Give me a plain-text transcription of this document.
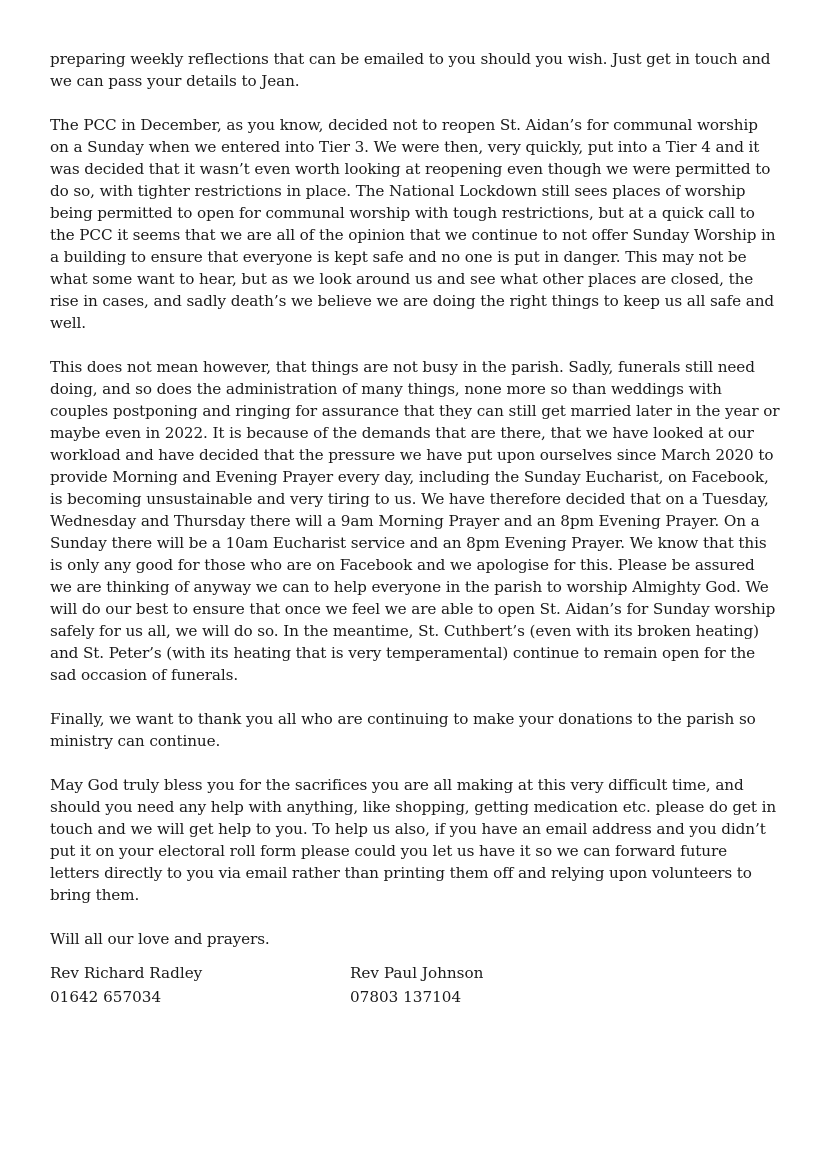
preparing weekly reflections that can be emailed to you should you wish. Just get in touch and we can pass your details to Jean.

The PCC in December, as you know, decided not to reopen St. Aidan’s for communal worship on a Sunday when we entered into Tier 3. We were then, very quickly, put into a Tier 4 and it was decided that it wasn’t even worth looking at reopening even though we were permitted to do so, with tighter restrictions in place. The National Lockdown still sees places of worship being permitted to open for communal worship with tough restrictions, but at a quick call to the PCC it seems that we are all of the opinion that we continue to not offer Sunday Worship in a building to ensure that everyone is kept safe and no one is put in danger. This may not be what some want to hear, but as we look around us and see what other places are closed, the rise in cases, and sadly death’s we believe we are doing the right things to keep us all safe and well.

This does not mean however, that things are not busy in the parish. Sadly, funerals still need doing, and so does the administration of many things, none more so than weddings with couples postponing and ringing for assurance that they can still get married later in the year or maybe even in 2022. It is because of the demands that are there, that we have looked at our workload and have decided that the pressure we have put upon ourselves since March 2020 to provide Morning and Evening Prayer every day, including the Sunday Eucharist, on Facebook, is becoming unsustainable and very tiring to us. We have therefore decided that on a Tuesday, Wednesday and Thursday there will a 9am Morning Prayer and an 8pm Evening Prayer. On a Sunday there will be a 10am Eucharist service and an 8pm Evening Prayer. We know that this is only any good for those who are on Facebook and we apologise for this. Please be assured we are thinking of anyway we can to help everyone in the parish to worship Almighty God. We will do our best to ensure that once we feel we are able to open St. Aidan’s for Sunday worship safely for us all, we will do so. In the meantime, St. Cuthbert’s (even with its broken heating) and St. Peter’s (with its heating that is very temperamental) continue to remain open for the sad occasion of funerals.

Finally, we want to thank you all who are continuing to make your donations to the parish so ministry can continue.

May God truly bless you for the sacrifices you are all making at this very difficult time, and should you need any help with anything, like shopping, getting medication etc. please do get in touch and we will get help to you. To help us also, if you have an email address and you didn’t put it on your electoral roll form please could you let us have it so we can forward future letters directly to you via email rather than printing them off and relying upon volunteers to bring them.

Will all our love and prayers.

Rev Richard Radley
01642 657034
Rev Paul Johnson
07803 137104
